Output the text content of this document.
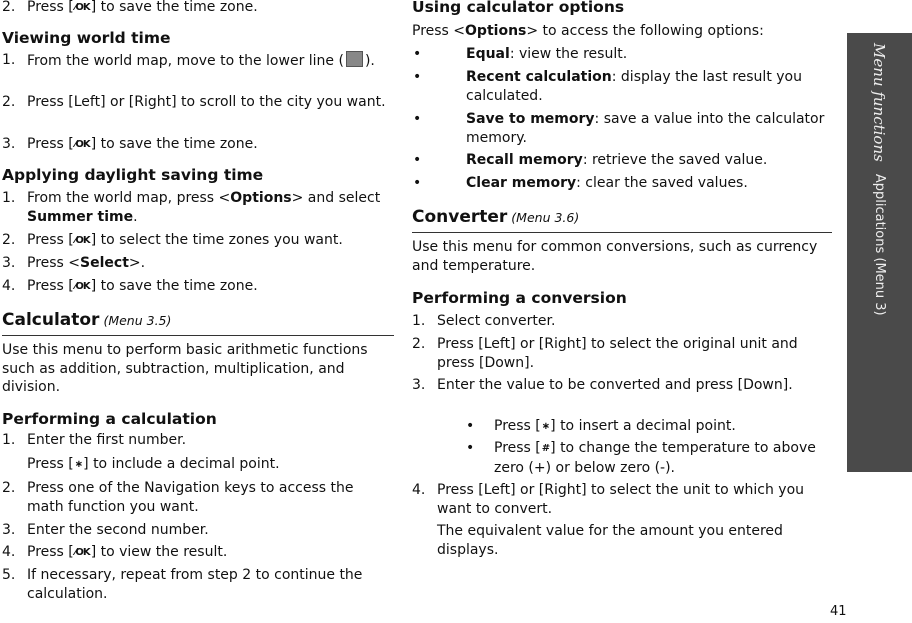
2. Press [⁄OK] to save the time zone.
Viewing world time
1. From the world map, move to the lower line ( ).
2. Press [Left] or [Right] to scroll to the city you want.
3. Press [⁄OK] to save the time zone.
Applying daylight saving time
1. From the world map, press <Options> and select Summer time.
2. Press [⁄OK] to select the time zones you want.
3. Press <Select>.
4. Press [⁄OK] to save the time zone.
Calculator (Menu 3.5)
Use this menu to perform basic arithmetic functions such as addition, subtraction, multiplication, and division.
Performing a calculation
1. Enter the first number.
Press [∗] to include a decimal point.
2. Press one of the Navigation keys to access the math function you want.
3. Enter the second number.
4. Press [⁄OK] to view the result.
5. If necessary, repeat from step 2 to continue the calculation.
Using calculator options
Press <Options> to access the following options:
•	Equal: view the result.
•	Recent calculation: display the last result you calculated.
•	Save to memory: save a value into the calculator memory.
•	Recall memory: retrieve the saved value.
•	Clear memory: clear the saved values.
Converter (Menu 3.6)
Use this menu for common conversions, such as currency and temperature.
Performing a conversion
1. Select converter.
2. Press [Left] or [Right] to select the original unit and press [Down].
3. Enter the value to be converted and press [Down].
• Press [∗] to insert a decimal point.
• Press [#] to change the temperature to above zero (+) or below zero (-).
4. Press [Left] or [Right] to select the unit to which you want to convert.
The equivalent value for the amount you entered displays.
Menu functions
Applications (Menu 3)
41
